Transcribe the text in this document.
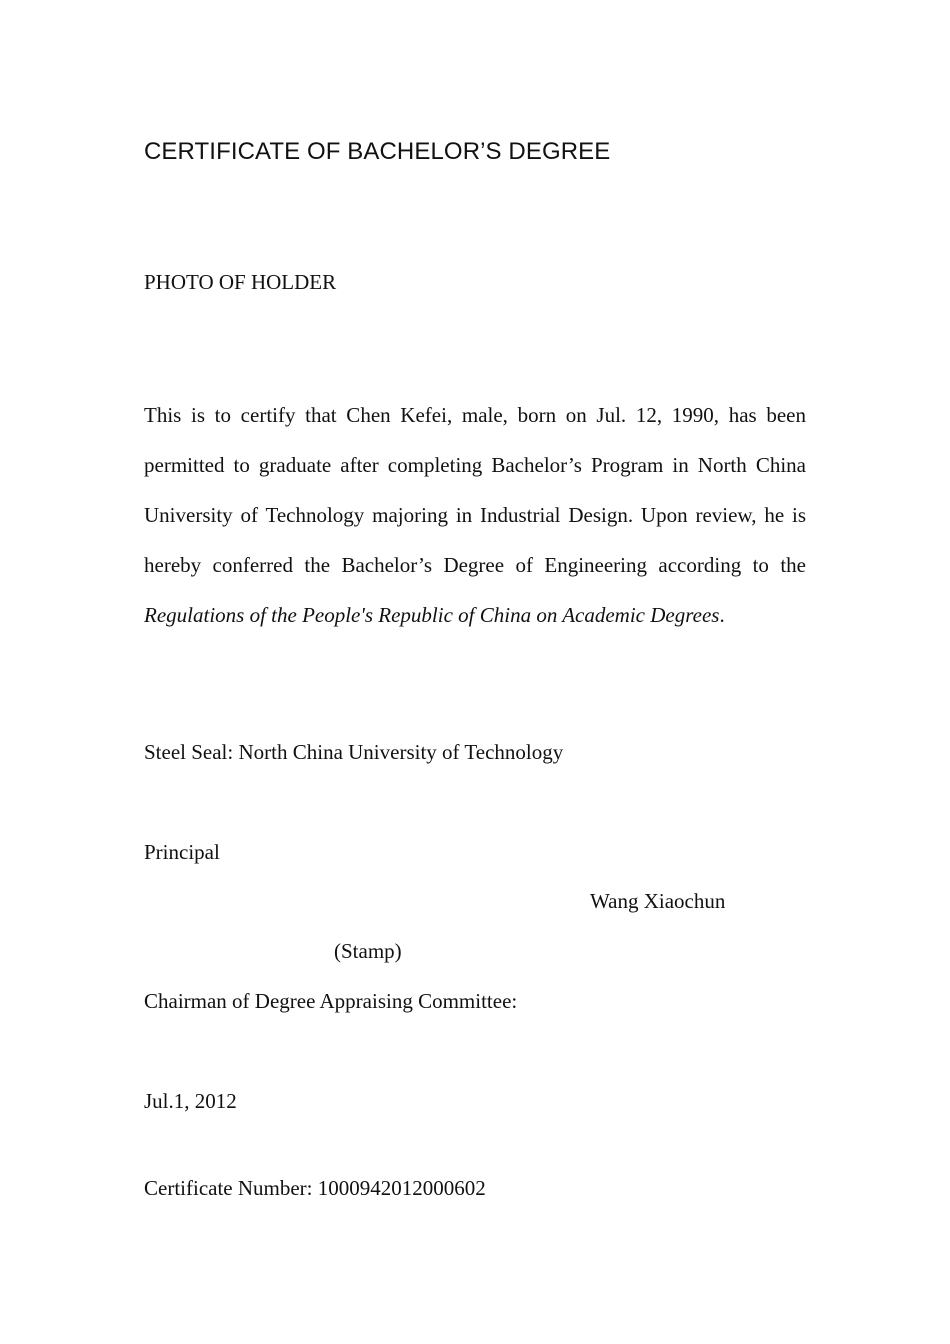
CERTIFICATE OF BACHELOR’S DEGREE
PHOTO OF HOLDER

This is to certify that Chen Kefei, male, born on Jul. 12, 1990, has been permitted to graduate after completing Bachelor’s Program in North China University of Technology majoring in Industrial Design. Upon review, he is hereby conferred the Bachelor’s Degree of Engineering according to the Regulations of the People's Republic of China on Academic Degrees.

Steel Seal: North China University of Technology
Principal
Wang Xiaochun
(Stamp)
Chairman of Degree Appraising Committee:
Jul.1, 2012
Certificate Number: 1000942012000602
